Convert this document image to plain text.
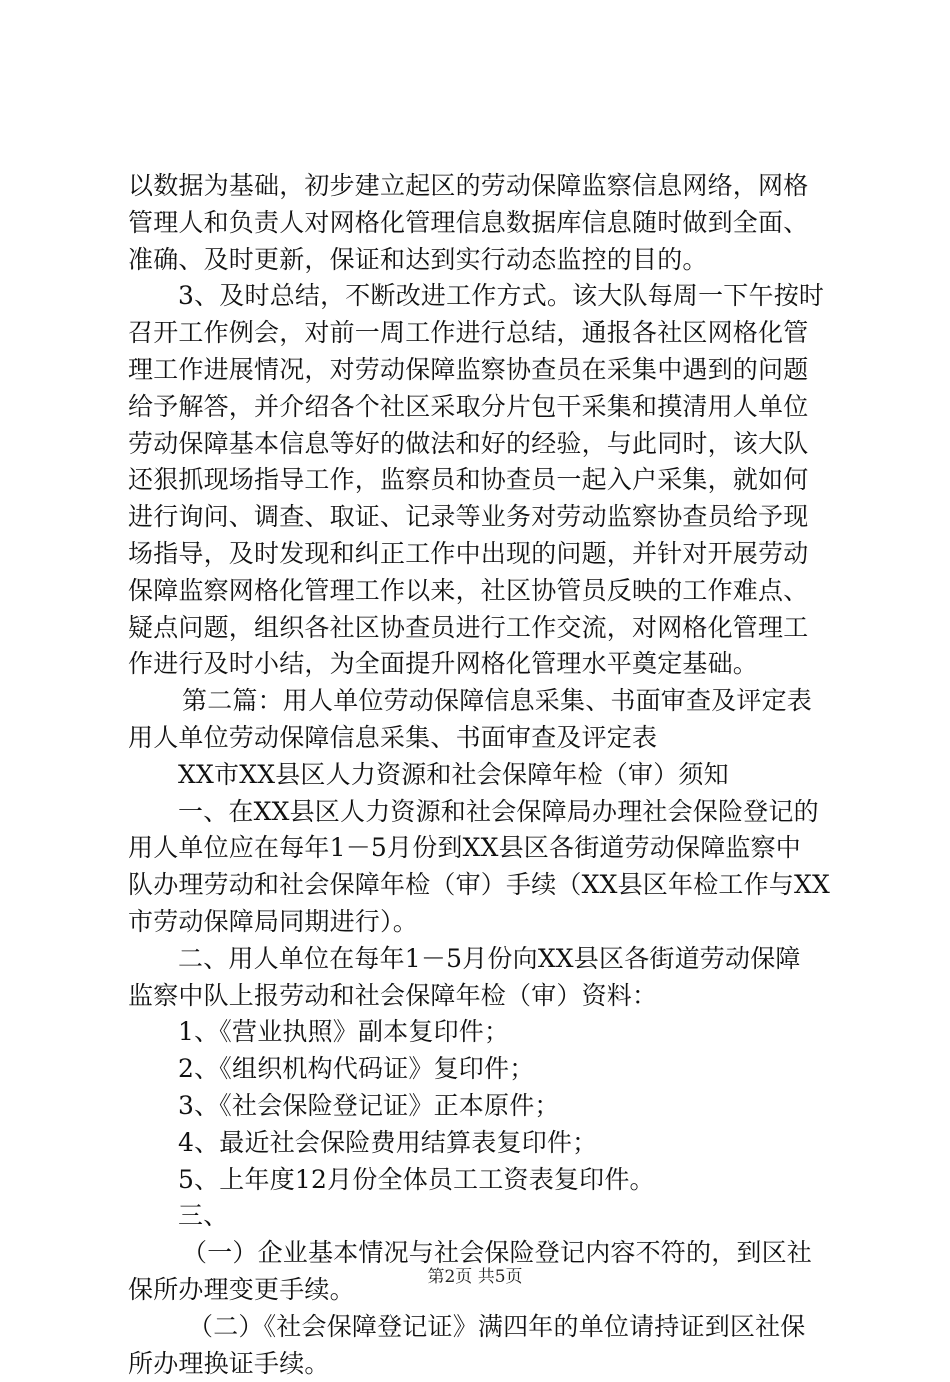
以数据为基础，初步建立起区的劳动保障监察信息网络，网格
管理人和负责人对网格化管理信息数据库信息随时做到全面、
准确、及时更新，保证和达到实行动态监控的目的。
3、及时总结，不断改进工作方式。该大队每周一下午按时
召开工作例会，对前一周工作进行总结，通报各社区网格化管
理工作进展情况，对劳动保障监察协查员在采集中遇到的问题
给予解答，并介绍各个社区采取分片包干采集和摸清用人单位
劳动保障基本信息等好的做法和好的经验，与此同时，该大队
还狠抓现场指导工作，监察员和协查员一起入户采集，就如何
进行询问、调查、取证、记录等业务对劳动监察协查员给予现
场指导，及时发现和纠正工作中出现的问题，并针对开展劳动
保障监察网格化管理工作以来，社区协管员反映的工作难点、
疑点问题，组织各社区协查员进行工作交流，对网格化管理工
作进行及时小结，为全面提升网格化管理水平奠定基础。
第二篇：用人单位劳动保障信息采集、书面审查及评定表
用人单位劳动保障信息采集、书面审查及评定表
XX市XX县区人力资源和社会保障年检（审）须知
一、在XX县区人力资源和社会保障局办理社会保险登记的
用人单位应在每年1－5月份到XX县区各街道劳动保障监察中
队办理劳动和社会保障年检（审）手续（XX县区年检工作与XX
市劳动保障局同期进行）。
二、用人单位在每年1－5月份向XX县区各街道劳动保障
监察中队上报劳动和社会保障年检（审）资料：
1、《营业执照》副本复印件；
2、《组织机构代码证》复印件；
3、《社会保险登记证》正本原件；
4、最近社会保险费用结算表复印件；
5、上年度12月份全体员工工资表复印件。
三、
（一）企业基本情况与社会保险登记内容不符的，到区社
保所办理变更手续。
（二）《社会保障登记证》满四年的单位请持证到区社保
所办理换证手续。
第2页 共5页
